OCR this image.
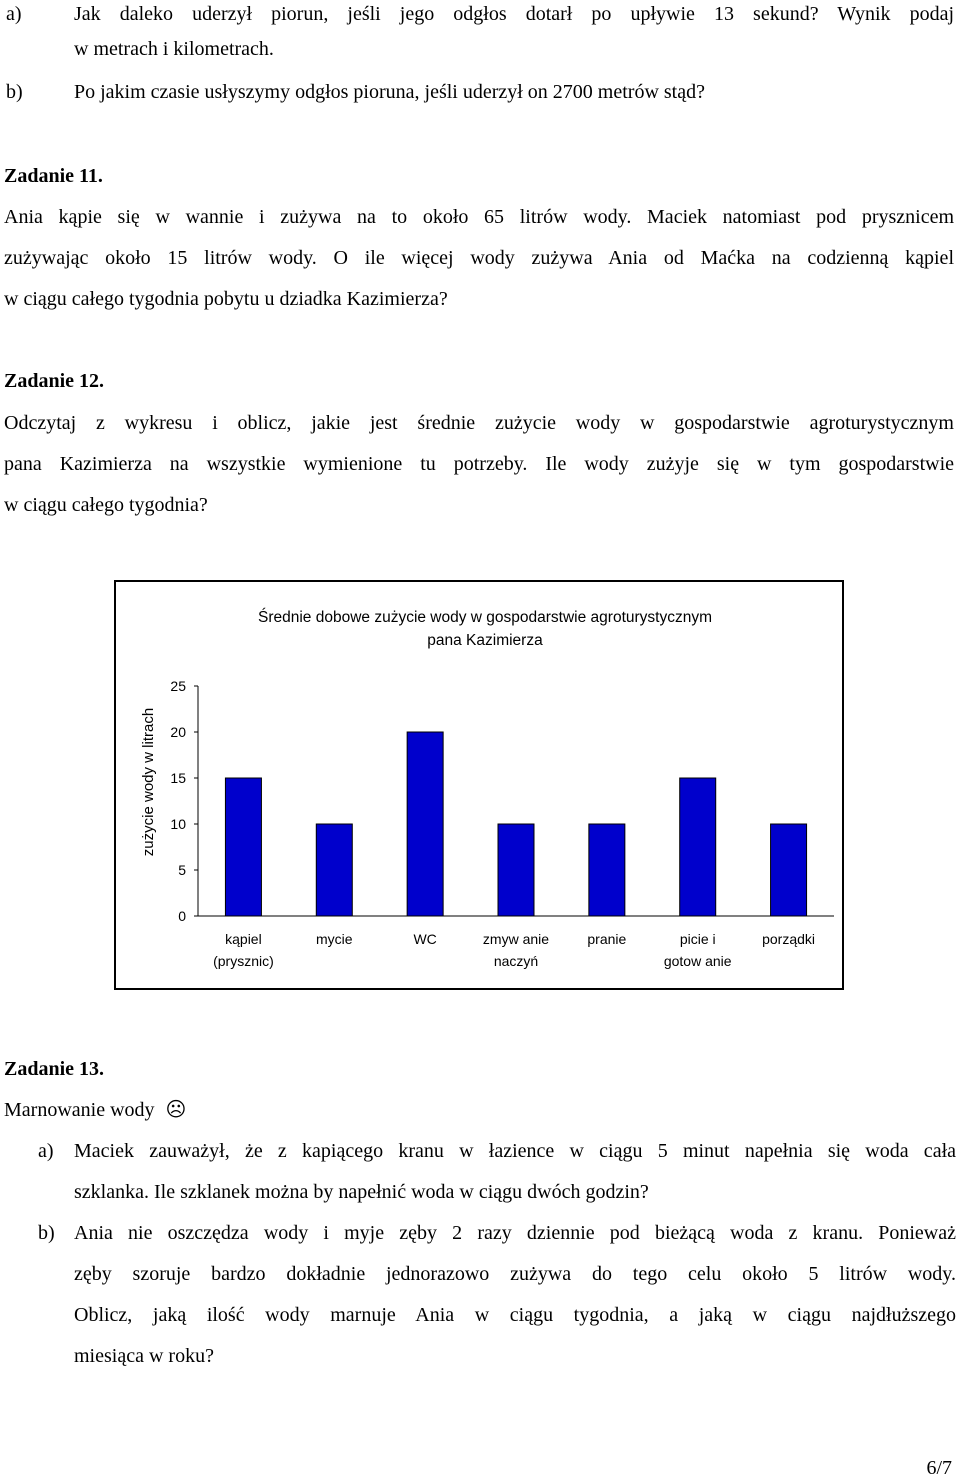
a)	Jak daleko uderzył piorun, jeśli jego odgłos dotarł po upływie 13 sekund? Wynik podaj
w metrach i kilometrach.
b)	Po jakim czasie usłyszymy odgłos pioruna, jeśli uderzył on 2700 metrów stąd?
Zadanie 11.
Ania kąpie się w wannie i zużywa na to około 65 litrów wody. Maciek natomiast pod prysznicem
zużywając około 15 litrów wody. O ile więcej wody zużywa Ania od Maćka na codzienną kąpiel
w ciągu całego tygodnia pobytu u dziadka Kazimierza?
Zadanie 12.
Odczytaj z wykresu i oblicz, jakie jest średnie zużycie wody w gospodarstwie agroturystycznym
pana Kazimierza na wszystkie wymienione tu potrzeby. Ile wody zużyje się w tym gospodarstwie
w ciągu całego tygodnia?
Średnie dobowe zużycie wody w gospodarstwie agroturystycznym
pana Kazimierza
zużycie wody w litrach
0
5
10
15
20
25
kąpiel
(prysznic)
mycie	WC	zmyw anie
naczyń
pranie	picie i
gotow anie
porządki
Zadanie 13.
Marnowanie wody ☹
a) Maciek zauważył, że z kapiącego kranu w łazience w ciągu 5 minut napełnia się woda cała
szklanka. Ile szklanek można by napełnić woda w ciągu dwóch godzin?
b) Ania nie oszczędza wody i myje zęby 2 razy dziennie pod bieżącą woda z kranu. Ponieważ
zęby szoruje bardzo dokładnie jednorazowo zużywa do tego celu około 5 litrów wody.
Oblicz, jaką ilość wody marnuje Ania w ciągu tygodnia, a jaką w ciągu najdłuższego
miesiąca w roku?
6/7
